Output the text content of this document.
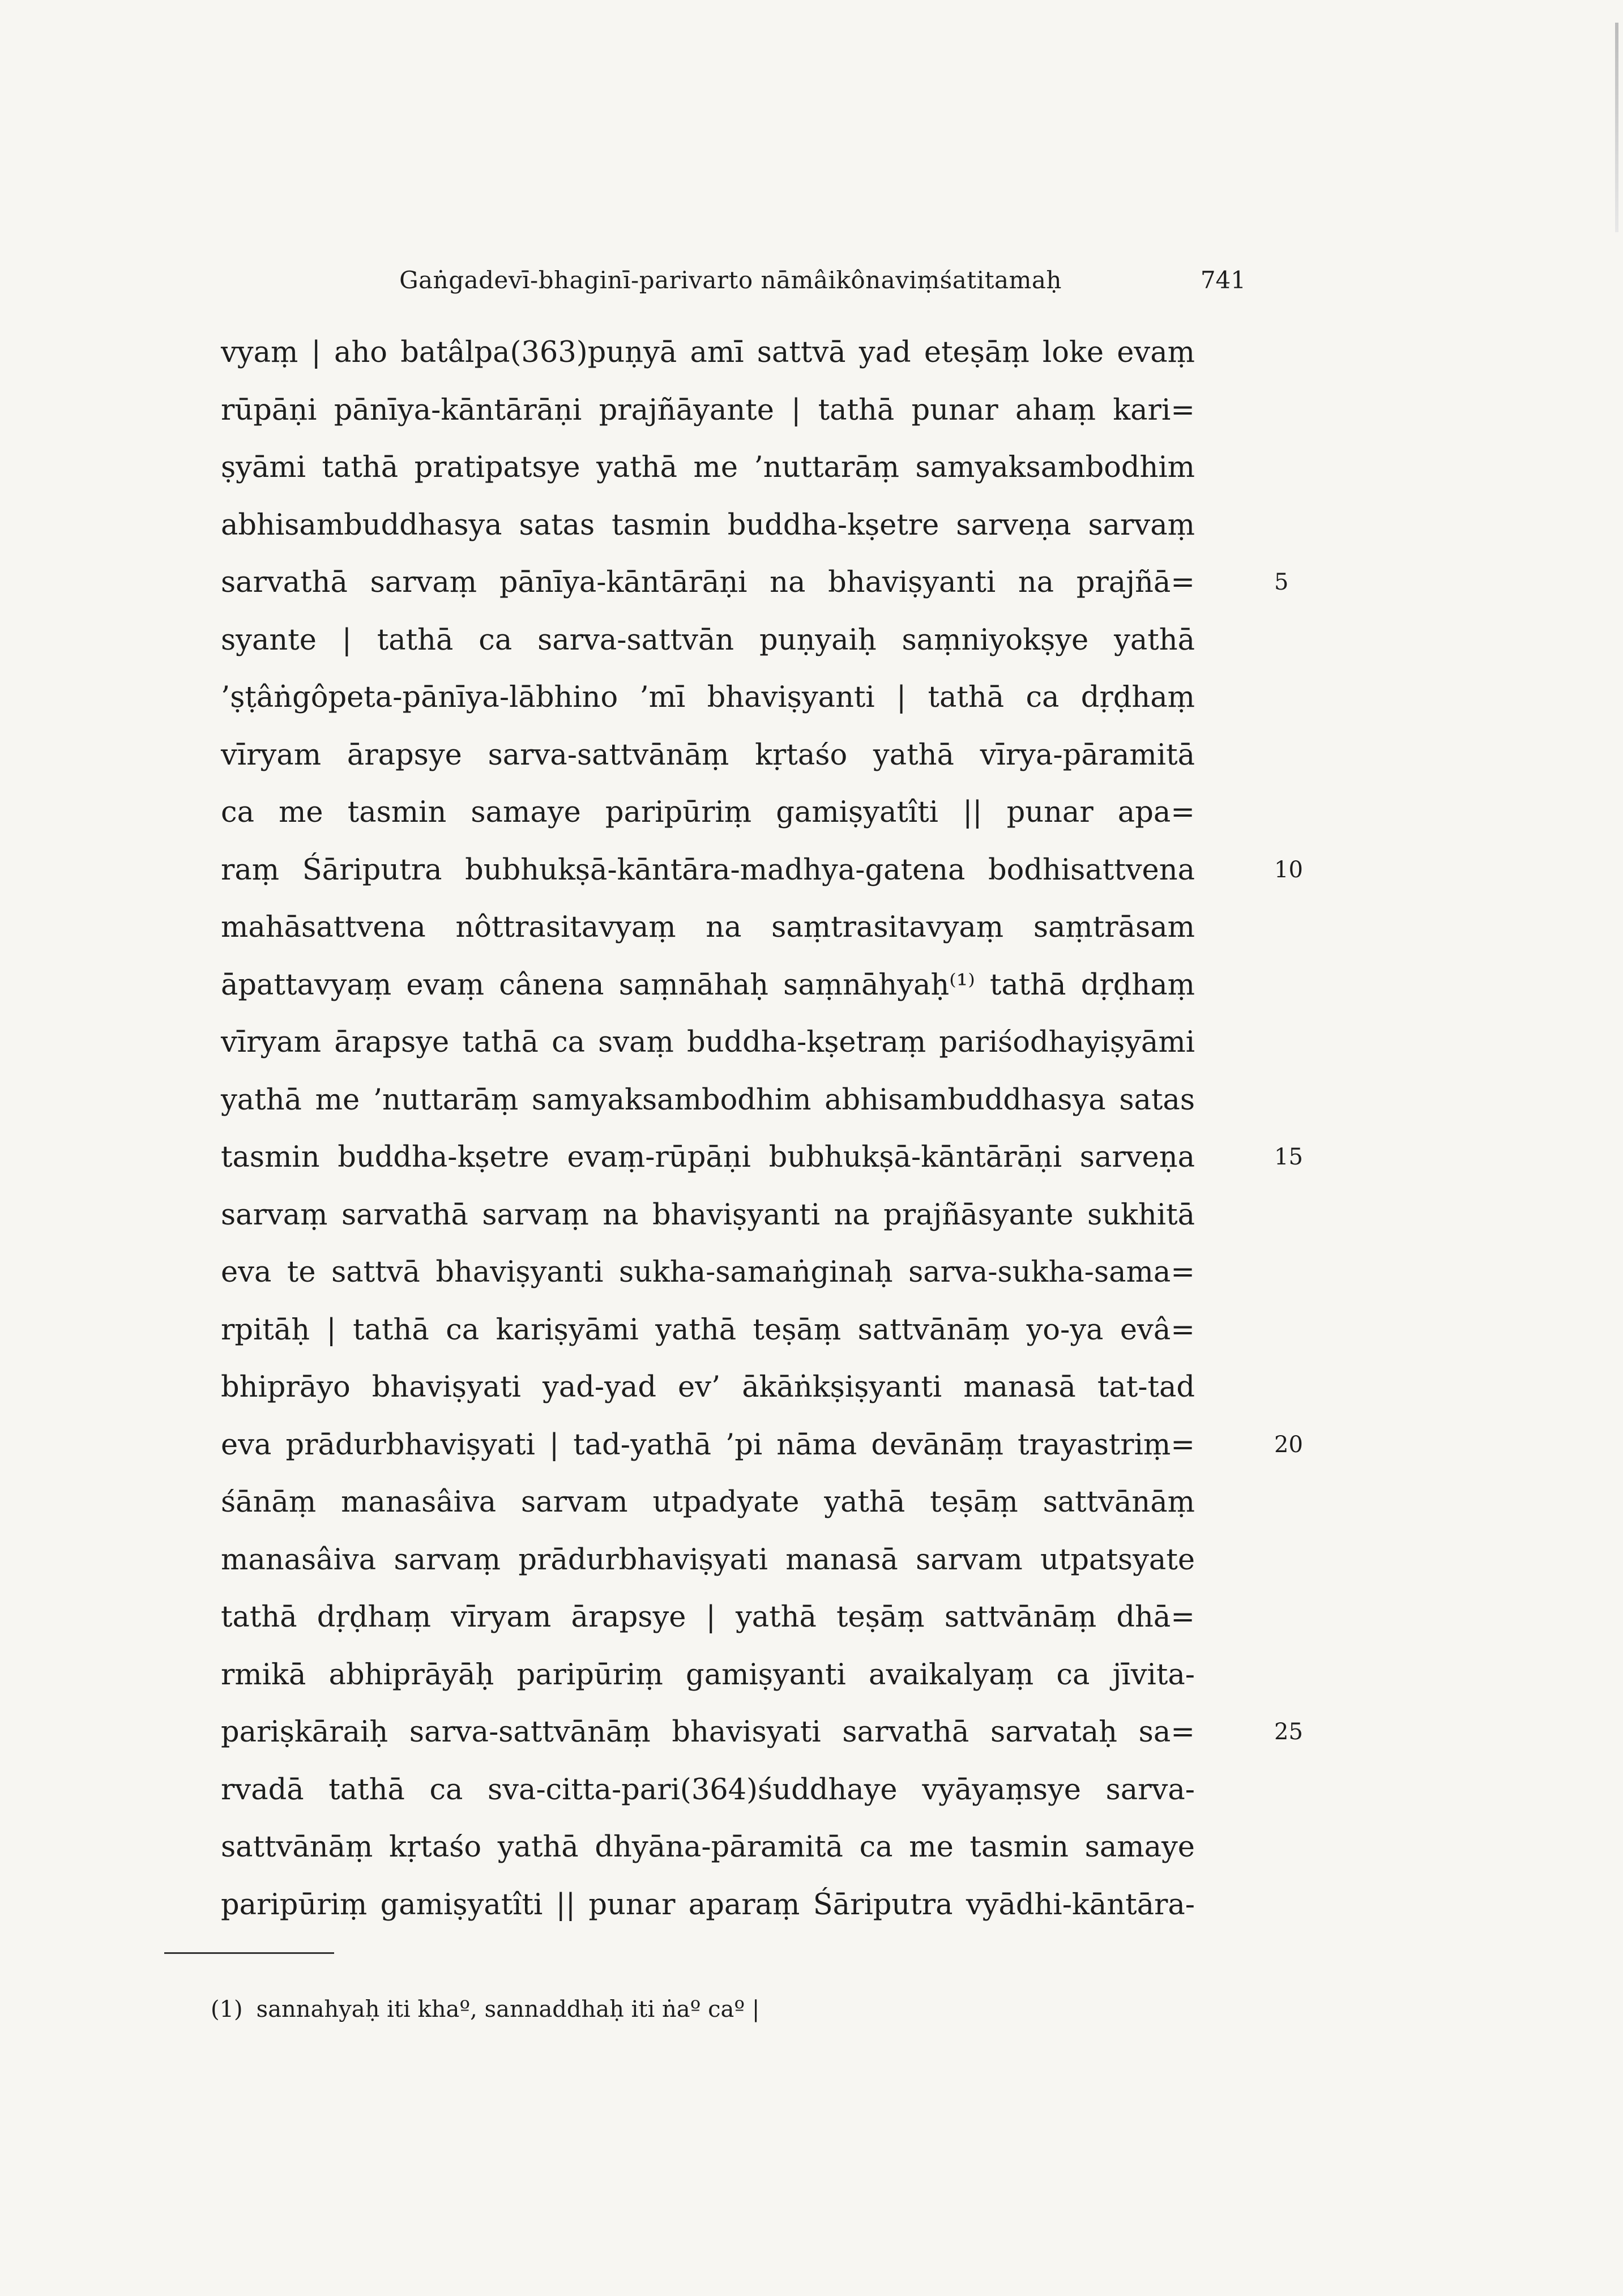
Gaṅgadevī-bhaginī-parivarto nāmâikônaviṃśatitamaḥ	741
vyaṃ | aho batâlpa(363)puṇyā amī sattvā yad eteṣāṃ loke evaṃ
rūpāṇi pānīya-kāntārāṇi prajñāyante | tathā punar ahaṃ kari=
ṣyāmi tathā pratipatsye yathā me ’nuttarāṃ samyaksambodhim
abhisambuddhasya satas tasmin buddha-kṣetre sarveṇa sarvaṃ
sarvathā sarvaṃ pānīya-kāntārāṇi na bhaviṣyanti na prajñā=
syante | tathā ca sarva-sattvān puṇyaiḥ saṃniyokṣye yathā
’ṣṭâṅgôpeta-pānīya-lābhino ’mī bhaviṣyanti | tathā ca dṛḍhaṃ
vīryam ārapsye sarva-sattvānāṃ kṛtaśo yathā vīrya-pāramitā
ca me tasmin samaye paripūriṃ gamiṣyatîti || punar apa=
raṃ Śāriputra bubhukṣā-kāntāra-madhya-gatena bodhisattvena
mahāsattvena nôttrasitavyaṃ na saṃtrasitavyaṃ saṃtrāsam
āpattavyaṃ evaṃ cânena saṃnāhaḥ saṃnāhyaḥ⁽¹⁾ tathā dṛḍhaṃ
vīryam ārapsye tathā ca svaṃ buddha-kṣetraṃ pariśodhayiṣyāmi
yathā me ’nuttarāṃ samyaksambodhim abhisambuddhasya satas
tasmin buddha-kṣetre evaṃ-rūpāṇi bubhukṣā-kāntārāṇi sarveṇa
sarvaṃ sarvathā sarvaṃ na bhaviṣyanti na prajñāsyante sukhitā
eva te sattvā bhaviṣyanti sukha-samaṅginaḥ sarva-sukha-sama=
rpitāḥ | tathā ca kariṣyāmi yathā teṣāṃ sattvānāṃ yo-ya evâ=
bhiprāyo bhaviṣyati yad-yad ev’ ākāṅkṣiṣyanti manasā tat-tad
eva prādurbhaviṣyati | tad-yathā ’pi nāma devānāṃ trayastriṃ=
śānāṃ manasâiva sarvam utpadyate yathā teṣāṃ sattvānāṃ
manasâiva sarvaṃ prādurbhaviṣyati manasā sarvam utpatsyate
tathā dṛḍhaṃ vīryam ārapsye | yathā teṣāṃ sattvānāṃ dhā=
rmikā abhiprāyāḥ paripūriṃ gamiṣyanti avaikalyaṃ ca jīvita-
pariṣkāraiḥ sarva-sattvānāṃ bhavisyati sarvathā sarvataḥ sa=
rvadā tathā ca sva-citta-pari(364)śuddhaye vyāyaṃsye sarva-
sattvānāṃ kṛtaśo yathā dhyāna-pāramitā ca me tasmin samaye
paripūriṃ gamiṣyatîti || punar aparaṃ Śāriputra vyādhi-kāntāra-
5
10
15
20
25
(1) sannahyaḥ iti khaº, sannaddhaḥ iti ṅaº caº |
